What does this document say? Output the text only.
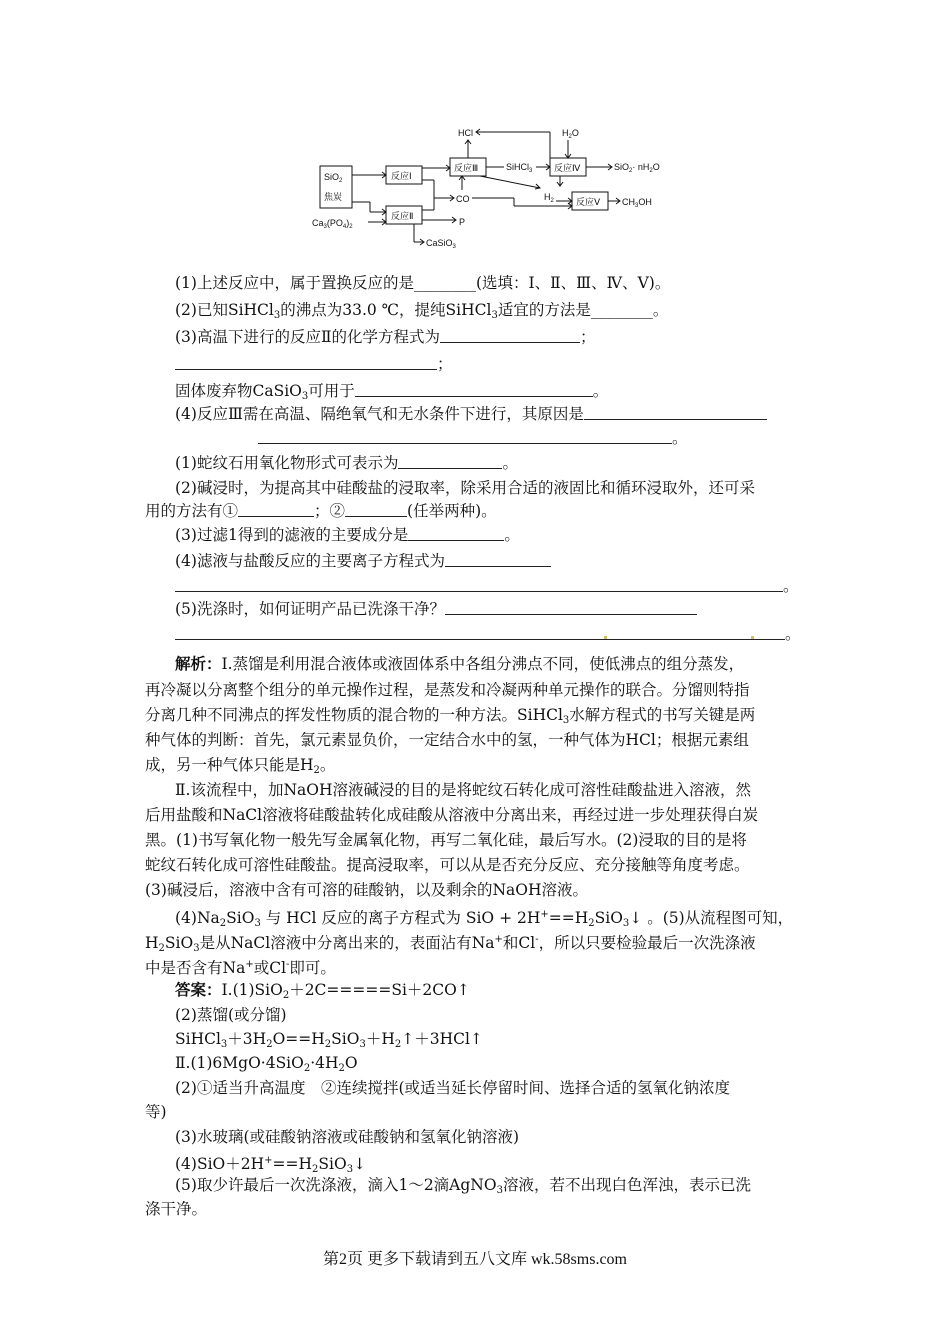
SiO$_2$
焦炭
$Ca_3(PO_4)_2$
反应Ⅰ
反应Ⅱ
反应Ⅲ	反应Ⅳ
反应Ⅴ
HCl	$H_2O$
SiHCl$_3$
CO
P
CaSiO$_3$
$H_2$
$SiO_2\cdot nH_2O$
$CH_3OH$
(1)上述反应中，属于置换反应的是________(选填：Ⅰ、Ⅱ、Ⅲ、Ⅳ、Ⅴ)。
(2)已知SiHCl$_3$的沸点为33.0 ℃，提纯SiHCl$_3$适宜的方法是________。
(3)高温下进行的反应Ⅱ的化学方程式为	；
；
固体废弃物CaSiO$_3$可用于	。
(4)反应Ⅲ需在高温、隔绝氧气和无水条件下进行，其原因是
。
(1)蛇纹石用氧化物形式可表示为	。
(2)碱浸时，为提高其中硅酸盐的浸取率，除采用合适的液固比和循环浸取外，还可采
用的方法有①	；②	(任举两种)。
(3)过滤1得到的滤液的主要成分是	。
(4)滤液与盐酸反应的主要离子方程式为
。
(5)洗涤时，如何证明产品已洗涤干净？
。
解析：Ⅰ.蒸馏是利用混合液体或液固体系中各组分沸点不同，使低沸点的组分蒸发，
再冷凝以分离整个组分的单元操作过程，是蒸发和冷凝两种单元操作的联合。分馏则特指
分离几种不同沸点的挥发性物质的混合物的一种方法。SiHCl$_3$水解方程式的书写关键是两
种气体的判断：首先，氯元素显负价，一定结合水中的氢，一种气体为HCl；根据元素组
成，另一种气体只能是$H_2$。
Ⅱ.该流程中，加NaOH溶液碱浸的目的是将蛇纹石转化成可溶性硅酸盐进入溶液，然
后用盐酸和NaCl溶液将硅酸盐转化成硅酸从溶液中分离出来，再经过进一步处理获得白炭
黑。(1)书写氧化物一般先写金属氧化物，再写二氧化硅，最后写水。(2)浸取的目的是将
蛇纹石转化成可溶性硅酸盐。提高浸取率，可以从是否充分反应、充分接触等角度考虑。
(3)碱浸后，溶液中含有可溶的硅酸钠，以及剩余的NaOH溶液。
$(4)Na_2SiO_3$ 与 HCl 反应的离子方程式为 SiO + $2H^+==H_2SiO_3↓$ 。(5)从流程图可知，
$H_2SiO_3$是从NaCl溶液中分离出来的，表面沾有Na+和Cl-，所以只要检验最后一次洗涤液
中是否含有Na+或Cl-即可。
答案：Ⅰ.(1)SiO$_2$＋2C=====Si＋2CO↑
(2)蒸馏(或分馏)
$SiHCl_3+3H_2O==H_2SiO_3+H_2↑+3HCl↑$
$Ⅱ.(1)6MgO\cdot 4SiO_2\cdot 4H_2O$
(2)①适当升高温度　②连续搅拌(或适当延长停留时间、选择合适的氢氧化钠浓度
等)
(3)水玻璃(或硅酸钠溶液或硅酸钠和氢氧化钠溶液)
$(4)SiO+2H^+==H_2SiO_3↓$
(5)取少许最后一次洗涤液，滴入1～2滴AgNO$_3$溶液，若不出现白色浑浊，表示已洗
涤干净。
第2页 更多下载请到五八文库 wk.58sms.com
